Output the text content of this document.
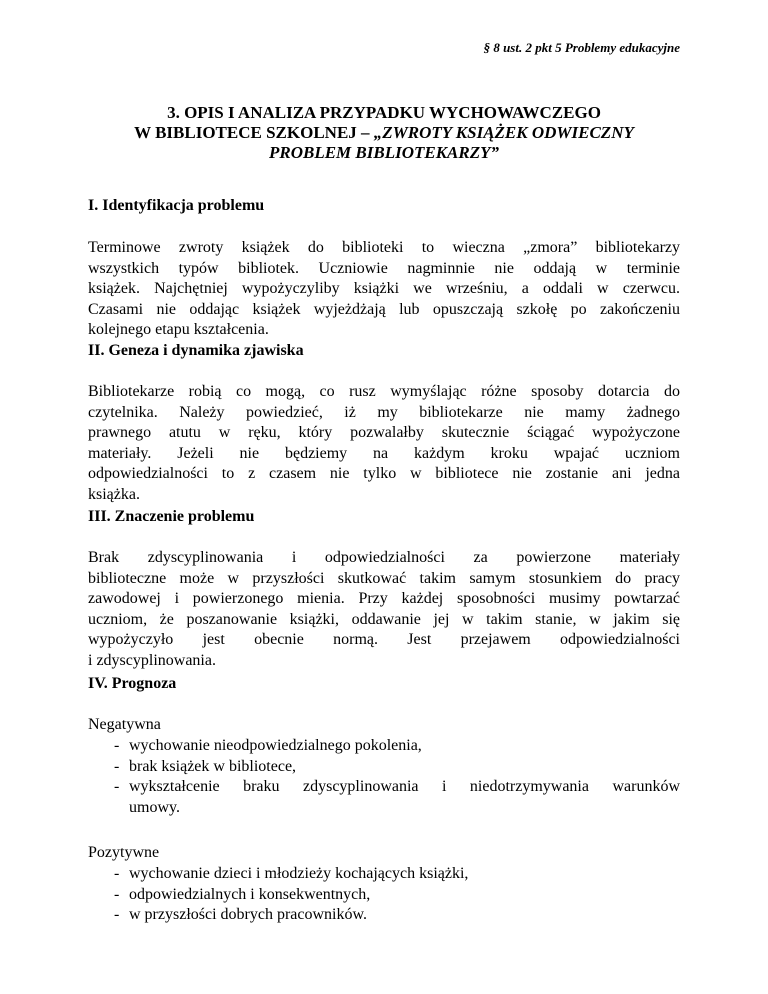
§ 8 ust. 2 pkt 5 Problemy edukacyjne
3. OPIS I ANALIZA PRZYPADKU WYCHOWAWCZEGO
W BIBLIOTECE SZKOLNEJ – „ZWROTY KSIĄŻEK ODWIECZNY
PROBLEM BIBLIOTEKARZY”
I. Identyfikacja problemu
Terminowe zwroty książek do biblioteki to wieczna „zmora” bibliotekarzy
wszystkich typów bibliotek. Uczniowie nagminnie nie oddają w terminie
książek. Najchętniej wypożyczyliby książki we wrześniu, a oddali w czerwcu.
Czasami nie oddając książek wyjeżdżają lub opuszczają szkołę po zakończeniu
kolejnego etapu kształcenia.
II. Geneza i dynamika zjawiska
Bibliotekarze robią co mogą, co rusz wymyślając różne sposoby dotarcia do
czytelnika. Należy powiedzieć, iż my bibliotekarze nie mamy żadnego
prawnego atutu w ręku, który pozwalałby skutecznie ściągać wypożyczone
materiały. Jeżeli nie będziemy na każdym kroku wpajać uczniom
odpowiedzialności to z czasem nie tylko w bibliotece nie zostanie ani jedna
książka.
III. Znaczenie problemu
Brak zdyscyplinowania i odpowiedzialności za powierzone materiały
biblioteczne może w przyszłości skutkować takim samym stosunkiem do pracy
zawodowej i powierzonego mienia. Przy każdej sposobności musimy powtarzać
uczniom, że poszanowanie książki, oddawanie jej w takim stanie, w jakim się
wypożyczyło jest obecnie normą. Jest przejawem odpowiedzialności
i zdyscyplinowania.
IV. Prognoza
Negatywna
- wychowanie nieodpowiedzialnego pokolenia,
- brak książek w bibliotece,
- wykształcenie braku zdyscyplinowania i niedotrzymywania warunków
umowy.
Pozytywne
- wychowanie dzieci i młodzieży kochających książki,
- odpowiedzialnych i konsekwentnych,
- w przyszłości dobrych pracowników.
